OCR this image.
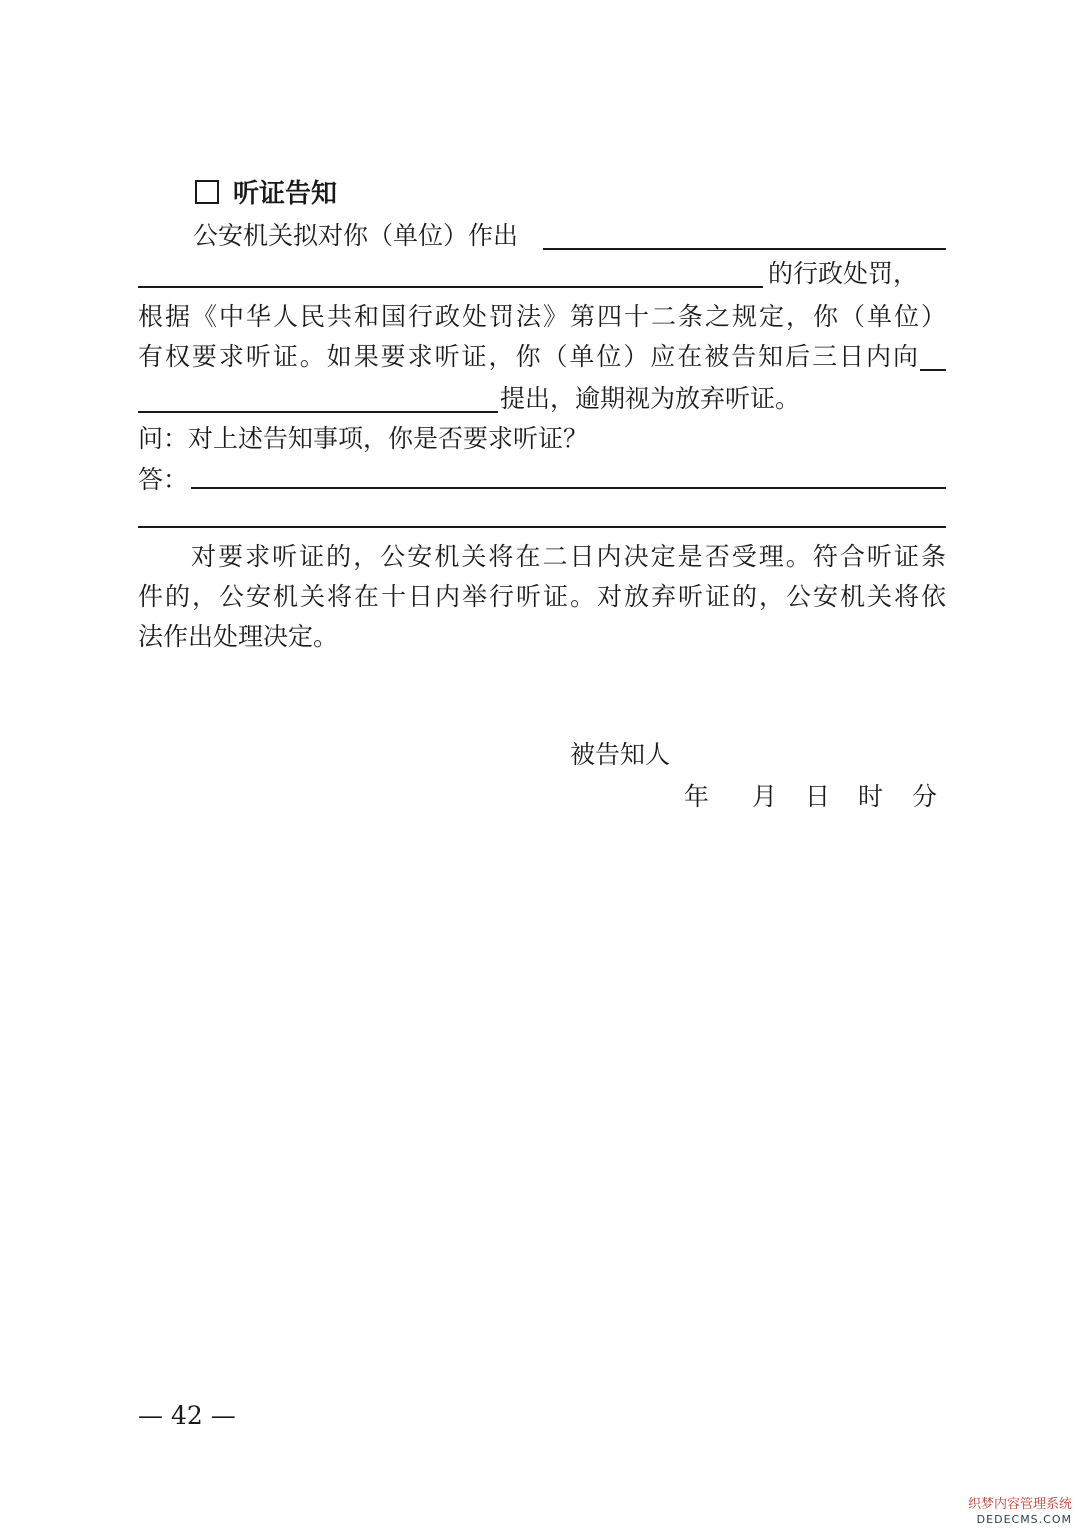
听证告知
公安机关拟对你（单位）作出
的行政处罚，
根据《中华人民共和国行政处罚法》第四十二条之规定，你（单位）
有权要求听证。如果要求听证，你（单位）应在被告知后三日内向
提出，逾期视为放弃听证。
问：对上述告知事项，你是否要求听证？
答：
对要求听证的，公安机关将在二日内决定是否受理。符合听证条
件的，公安机关将在十日内举行听证。对放弃听证的，公安机关将依
法作出处理决定。
被告知人
年 月 日 时 分
— 42 —
织梦内容管理系统
DEDECMS.COM
